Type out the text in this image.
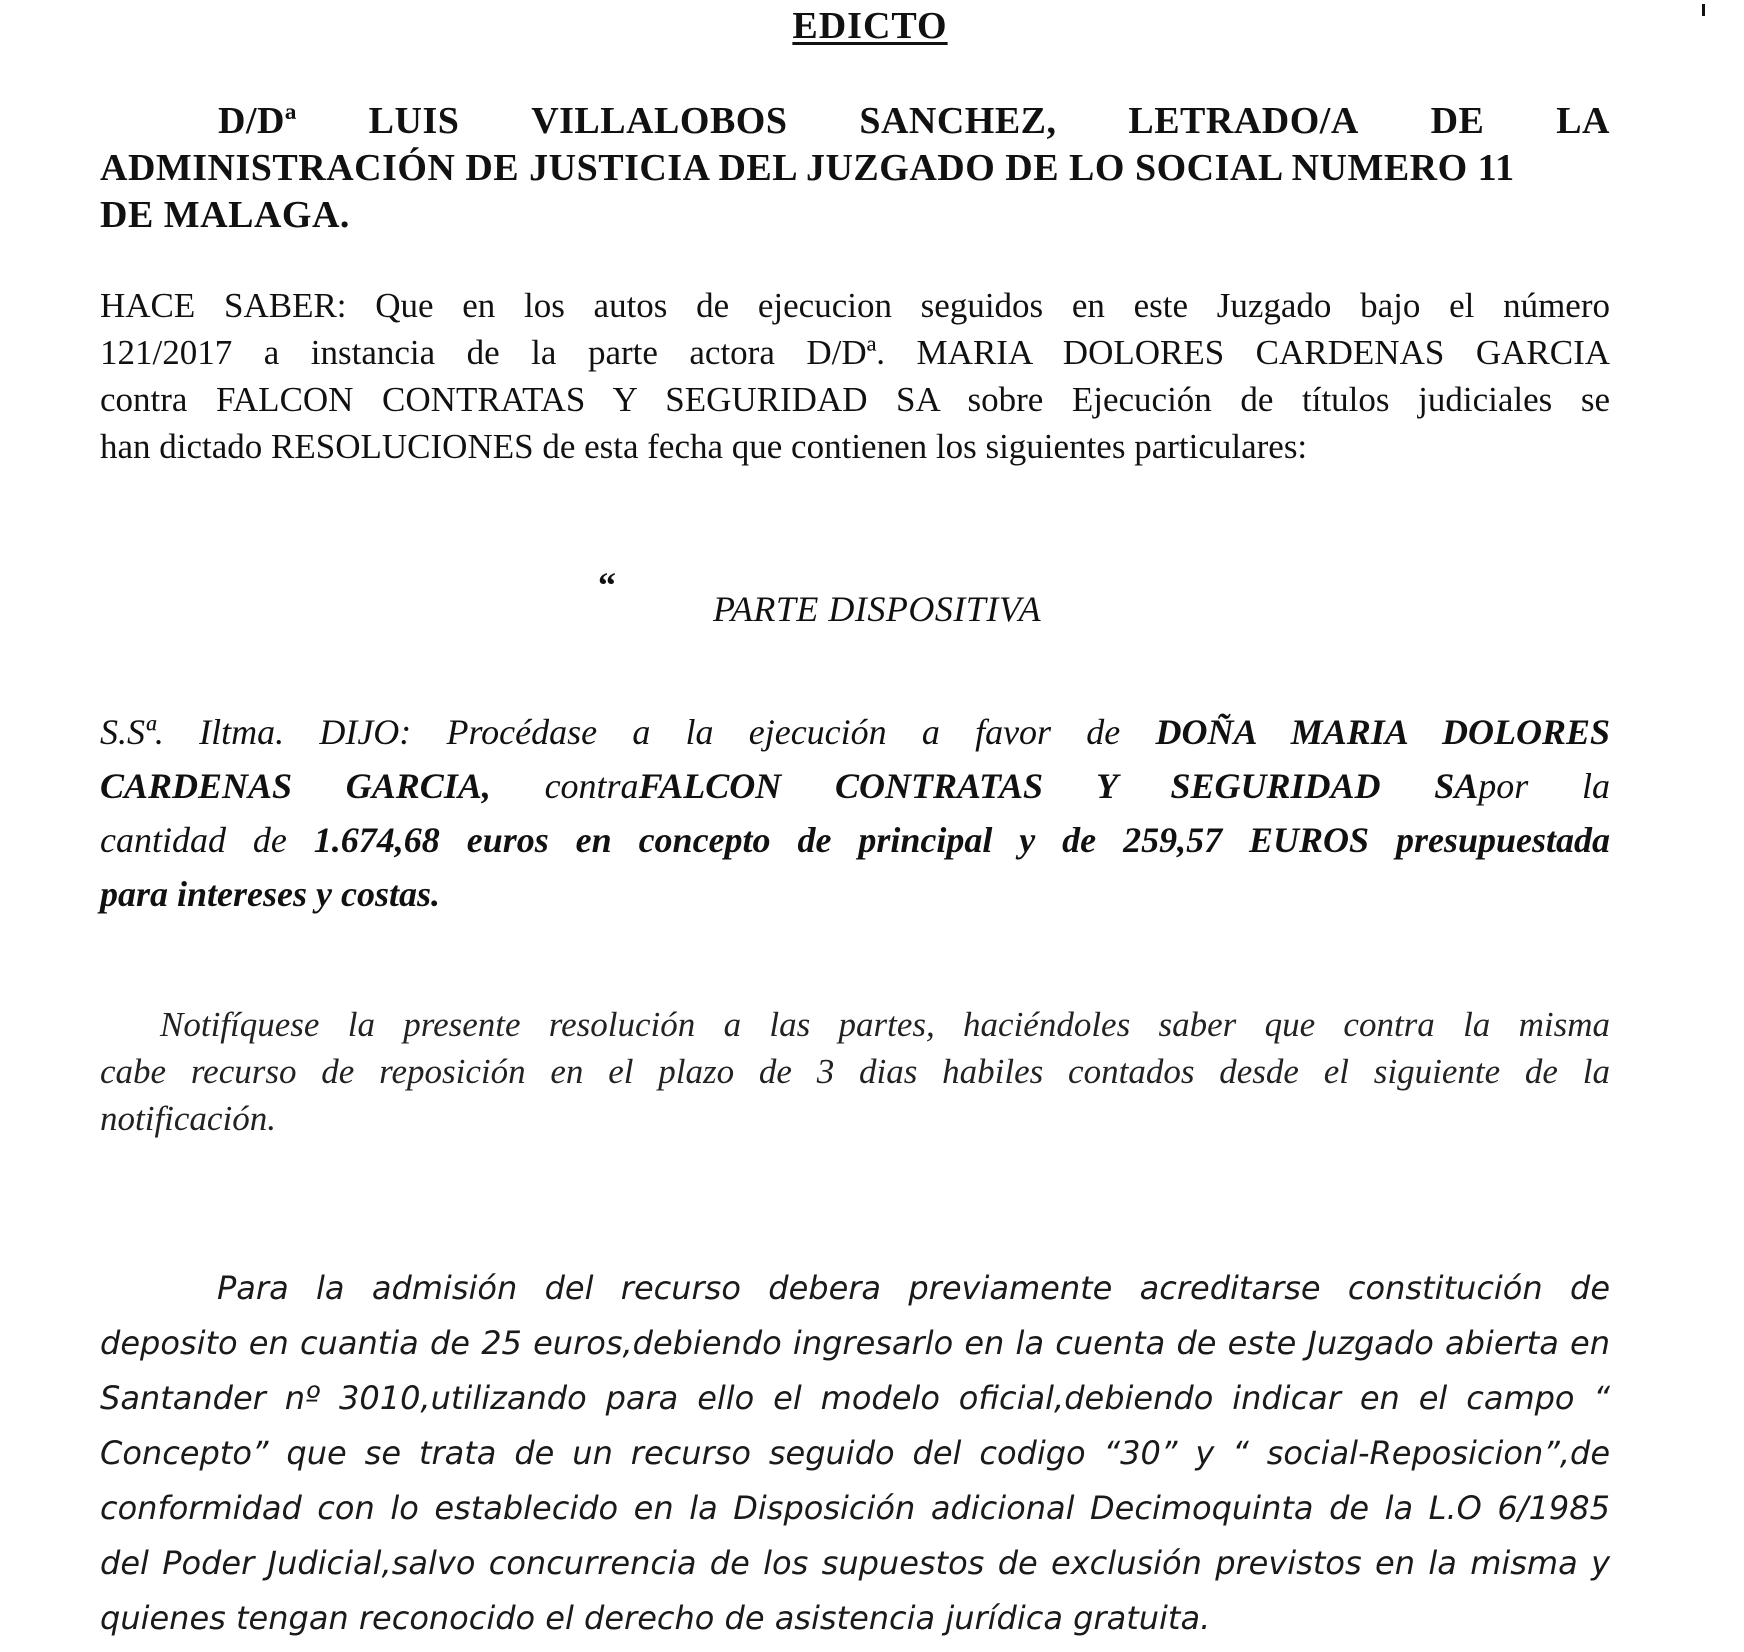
EDICTO
D/Dª LUIS VILLALOBOS SANCHEZ, LETRADO/A DE LA
ADMINISTRACIÓN DE JUSTICIA DEL JUZGADO DE LO SOCIAL NUMERO 11
DE MALAGA.
HACE SABER: Que en los autos de ejecucion seguidos en este Juzgado bajo el número
121/2017 a instancia de la parte actora D/Dª. MARIA DOLORES CARDENAS GARCIA
contra FALCON CONTRATAS Y SEGURIDAD SA sobre Ejecución de títulos judiciales se
han dictado RESOLUCIONES de esta fecha que contienen los siguientes particulares:
“
PARTE DISPOSITIVA
S.Sª. Iltma. DIJO: Procédase a la ejecución a favor de DOÑA MARIA DOLORES
CARDENAS GARCIA, contraFALCON CONTRATAS Y SEGURIDAD SApor la
cantidad de 1.674,68 euros en concepto de principal y de 259,57 EUROS presupuestada
para intereses y costas.
Notifíquese la presente resolución a las partes, haciéndoles saber que contra la misma
cabe recurso de reposición en el plazo de 3 dias habiles contados desde el siguiente de la
notificación.
Para la admisión del recurso debera previamente acreditarse constitución de
deposito en cuantia de 25 euros,debiendo ingresarlo en la cuenta de este Juzgado abierta en
Santander nº 3010,utilizando para ello el modelo oficial,debiendo indicar en el campo “
Concepto” que se trata de un recurso seguido del codigo “30” y “ social-Reposicion”,de
conformidad con lo establecido en la Disposición adicional Decimoquinta de la L.O 6/1985
del Poder Judicial,salvo concurrencia de los supuestos de exclusión previstos en la misma y
quienes tengan reconocido el derecho de asistencia jurídica gratuita.
